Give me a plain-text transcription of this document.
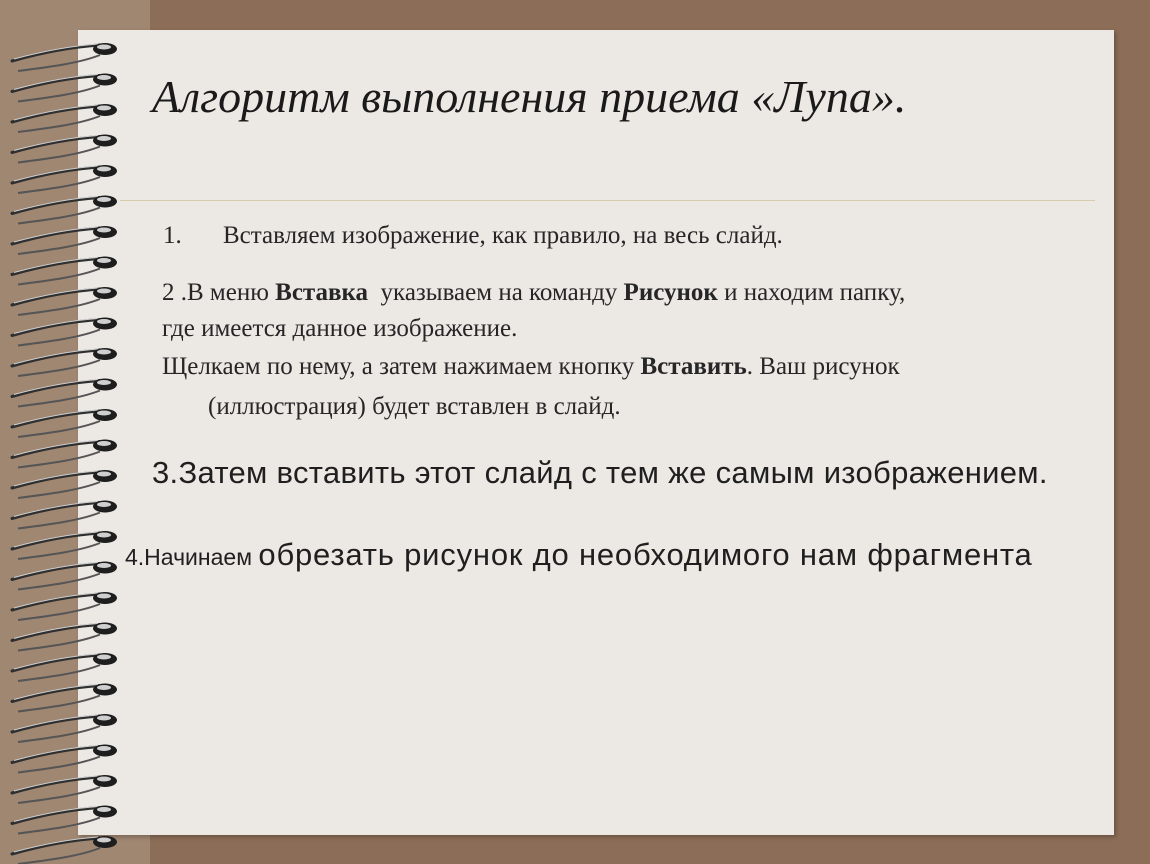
Алгоритм выполнения приема «Лупа».
1. Вставляем изображение, как правило, на весь слайд.
2 .В меню Вставка  указываем на команду Рисунок и находим папку,
где имеется данное изображение.
Щелкаем по нему, а затем нажимаем кнопку Вставить. Ваш рисунок
(иллюстрация) будет вставлен в слайд.
3.Затем вставить этот слайд с тем же самым изображением.
4.Начинаем обрезать рисунок до необходимого нам фрагмента
